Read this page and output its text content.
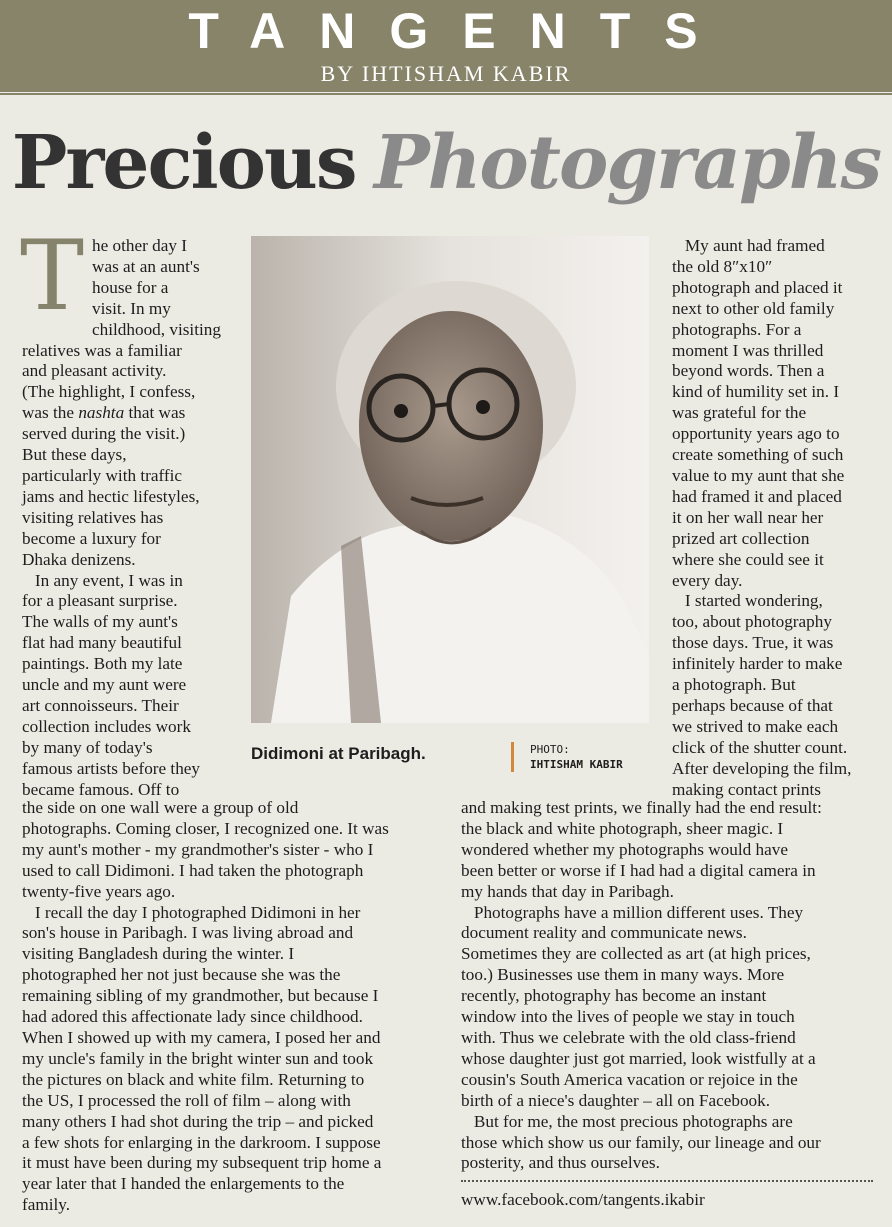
TANGENTS
BY IHTISHAM KABIR
Precious Photographs
T he other day I
was at an aunt's
house for a
visit. In my
childhood, visiting
relatives was a familiar
and pleasant activity.
(The highlight, I confess,
was the nashta that was
served during the visit.)
But these days,
particularly with traffic
jams and hectic lifestyles,
visiting relatives has
become a luxury for
Dhaka denizens.
In any event, I was in
for a pleasant surprise.
The walls of my aunt's
flat had many beautiful
paintings. Both my late
uncle and my aunt were
art connoisseurs. Their
collection includes work
by many of today's
famous artists before they
became famous. Off to
the side on one wall were a group of old
photographs. Coming closer, I recognized one. It was
my aunt's mother - my grandmother's sister - who I
used to call Didimoni. I had taken the photograph
twenty-five years ago.
I recall the day I photographed Didimoni in her
son's house in Paribagh. I was living abroad and
visiting Bangladesh during the winter. I
photographed her not just because she was the
remaining sibling of my grandmother, but because I
had adored this affectionate lady since childhood.
When I showed up with my camera, I posed her and
my uncle's family in the bright winter sun and took
the pictures on black and white film. Returning to
the US, I processed the roll of film – along with
many others I had shot during the trip – and picked
a few shots for enlarging in the darkroom. I suppose
it must have been during my subsequent trip home a
year later that I handed the enlargements to the
family.
Didimoni at Paribagh.	PHOTO:
IHTISHAM KABIR
My aunt had framed
the old 8″x10″
photograph and placed it
next to other old family
photographs. For a
moment I was thrilled
beyond words. Then a
kind of humility set in. I
was grateful for the
opportunity years ago to
create something of such
value to my aunt that she
had framed it and placed
it on her wall near her
prized art collection
where she could see it
every day.
I started wondering,
too, about photography
those days. True, it was
infinitely harder to make
a photograph. But
perhaps because of that
we strived to make each
click of the shutter count.
After developing the film,
making contact prints
and making test prints, we finally had the end result:
the black and white photograph, sheer magic. I
wondered whether my photographs would have
been better or worse if I had had a digital camera in
my hands that day in Paribagh.
Photographs have a million different uses. They
document reality and communicate news.
Sometimes they are collected as art (at high prices,
too.) Businesses use them in many ways. More
recently, photography has become an instant
window into the lives of people we stay in touch
with. Thus we celebrate with the old class-friend
whose daughter just got married, look wistfully at a
cousin's South America vacation or rejoice in the
birth of a niece's daughter – all on Facebook.
But for me, the most precious photographs are
those which show us our family, our lineage and our
posterity, and thus ourselves.
www.facebook.com/tangents.ikabir
